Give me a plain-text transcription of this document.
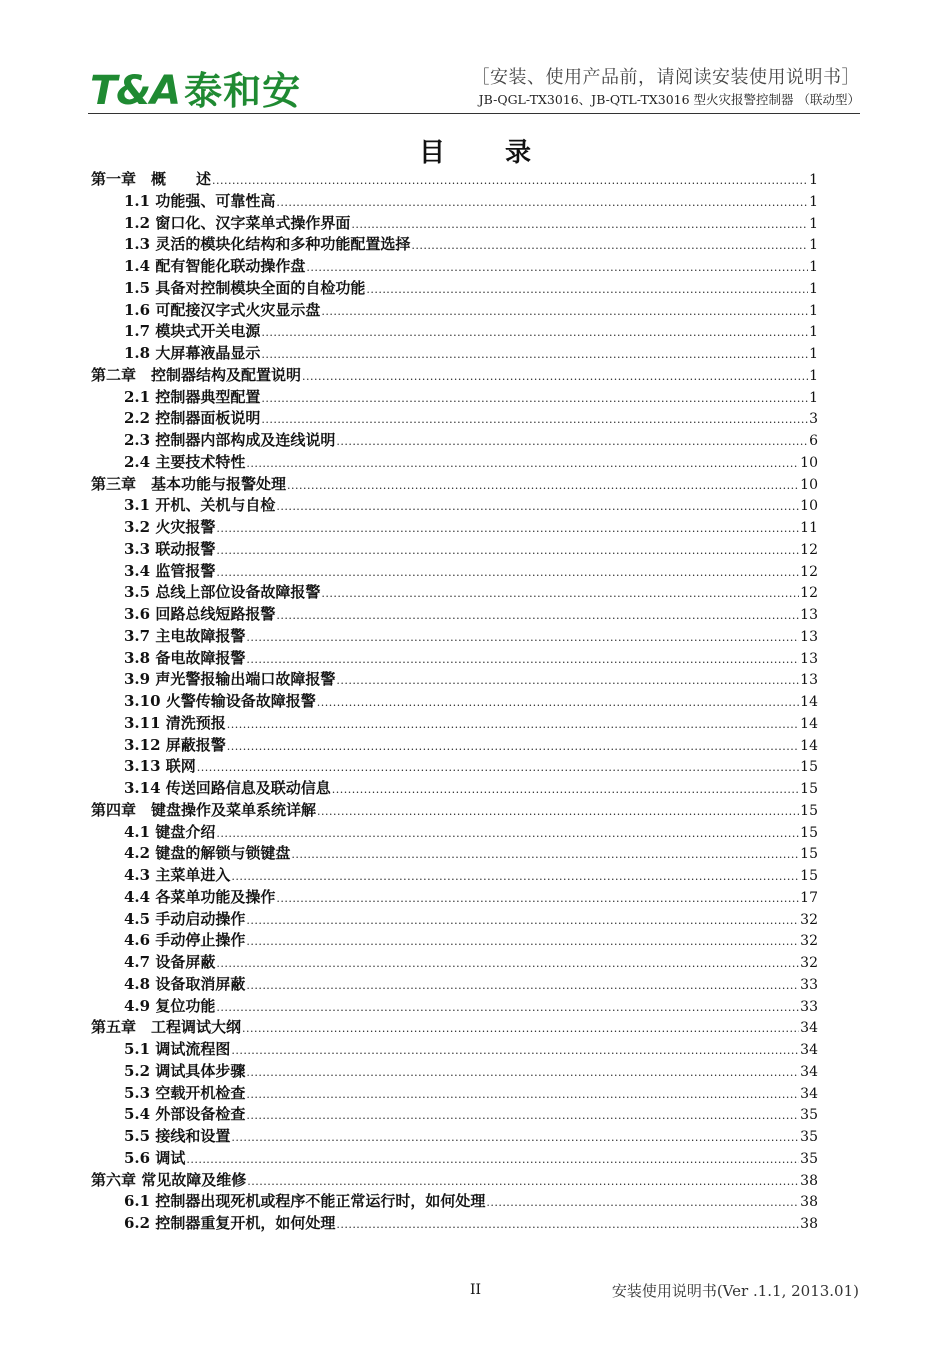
T&A 泰和安	［安装、使用产品前，请阅读安装使用说明书］
JB-QGL-TX3016、JB-QTL-TX3016 型火灾报警控制器 （联动型）
目录
第一章　概　　述 .....	1
1.1 功能强、可靠性高 .....	1
1.2 窗口化、汉字菜单式操作界面 .....	1
1.3 灵活的模块化结构和多种功能配置选择 .....	1
1.4 配有智能化联动操作盘 .....	1
1.5 具备对控制模块全面的自检功能 .....	1
1.6 可配接汉字式火灾显示盘 .....	1
1.7 模块式开关电源 .....	1
1.8 大屏幕液晶显示 .....	1
第二章　控制器结构及配置说明 .....	1
2.1 控制器典型配置 .....	1
2.2 控制器面板说明 .....	3
2.3 控制器内部构成及连线说明 .....	6
2.4 主要技术特性 .....	10
第三章　基本功能与报警处理 .....	10
3.1 开机、关机与自检 .....	10
3.2 火灾报警 .....	11
3.3 联动报警 .....	12
3.4 监管报警 .....	12
3.5 总线上部位设备故障报警 .....	12
3.6 回路总线短路报警 .....	13
3.7 主电故障报警 .....	13
3.8 备电故障报警 .....	13
3.9 声光警报输出端口故障报警 .....	13
3.10 火警传输设备故障报警 .....	14
3.11 清洗预报 .....	14
3.12 屏蔽报警 .....	14
3.13 联网 .....	15
3.14 传送回路信息及联动信息 .....	15
第四章　键盘操作及菜单系统详解 .....	15
4.1 键盘介绍 .....	15
4.2 键盘的解锁与锁键盘 .....	15
4.3 主菜单进入 .....	15
4.4 各菜单功能及操作 .....	17
4.5 手动启动操作 .....	32
4.6 手动停止操作 .....	32
4.7 设备屏蔽 .....	32
4.8 设备取消屏蔽 .....	33
4.9 复位功能 .....	33
第五章　工程调试大纲 .....	34
5.1 调试流程图 .....	34
5.2 调试具体步骤 .....	34
5.3 空载开机检查 .....	34
5.4 外部设备检查 .....	35
5.5 接线和设置 .....	35
5.6 调试 .....	35
第六章 常见故障及维修 .....	38
6.1 控制器出现死机或程序不能正常运行时，如何处理 .....	38
6.2 控制器重复开机，如何处理 .....	38
II	安装使用说明书(Ver .1.1, 2013.01)
